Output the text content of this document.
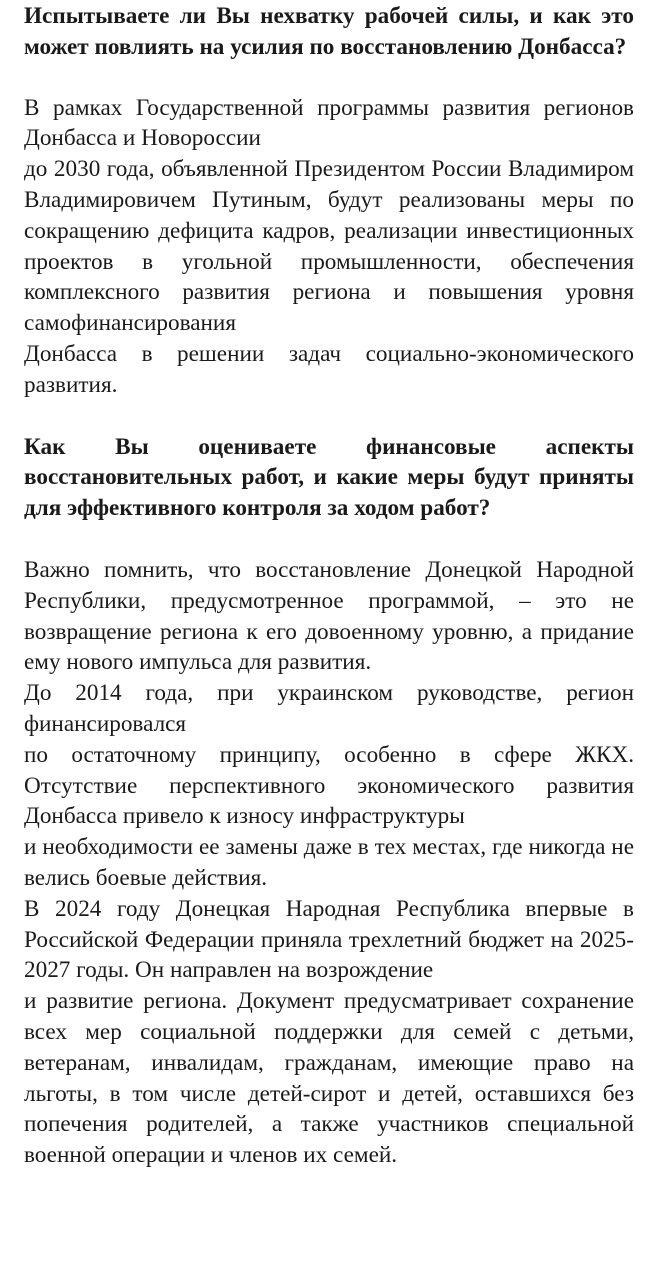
Испытываете ли Вы нехватку рабочей силы, и как это может повлиять на усилия по восстановлению Донбасса?

В рамках Государственной программы развития регионов Донбасса и Новороссии
до 2030 года, объявленной Президентом России Владимиром Владимировичем Путиным, будут реализованы меры по сокращению дефицита кадров, реализации инвестиционных проектов в угольной промышленности, обеспечения комплексного развития региона и повышения уровня самофинансирования
Донбасса в решении задач социально-экономического развития.

Как Вы оцениваете финансовые аспекты восстановительных работ, и какие меры будут приняты для эффективного контроля за ходом работ?

Важно помнить, что восстановление Донецкой Народной Республики, предусмотренное программой, – это не возвращение региона к его довоенному уровню, а придание ему нового импульса для развития.

До 2014 года, при украинском руководстве, регион финансировался
по остаточному принципу, особенно в сфере ЖКХ. Отсутствие перспективного экономического развития Донбасса привело к износу инфраструктуры
и необходимости ее замены даже в тех местах, где никогда не велись боевые действия.

В 2024 году Донецкая Народная Республика впервые в Российской Федерации приняла трехлетний бюджет на 2025-2027 годы. Он направлен на возрождение
и развитие региона. Документ предусматривает сохранение всех мер социальной поддержки для семей с детьми, ветеранам, инвалидам, гражданам, имеющие право на льготы, в том числе детей-сирот и детей, оставшихся без попечения родителей, а также участников специальной военной операции и членов их семей.
